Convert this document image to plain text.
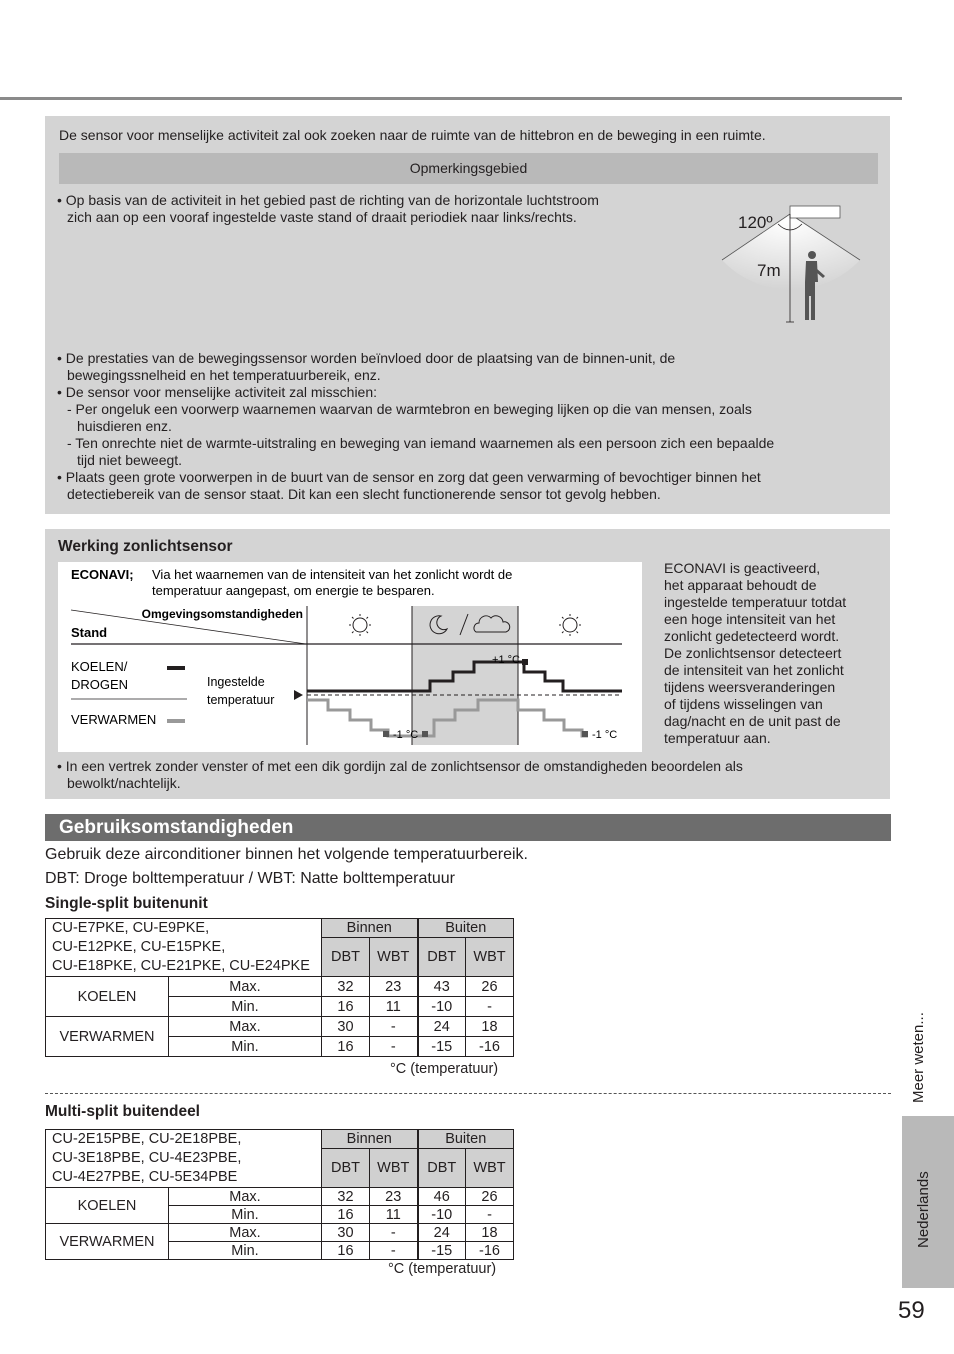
De sensor voor menselijke activiteit zal ook zoeken naar de ruimte van de hittebron en de beweging in een ruimte.
Opmerkingsgebied
• Op basis van de activiteit in het gebied past de richting van de horizontale luchtstroom
zich aan op een vooraf ingestelde vaste stand of draait periodiek naar links/rechts.
• De prestaties van de bewegingssensor worden beïnvloed door de plaatsing van de binnen-unit, de
bewegingssnelheid en het temperatuurbereik, enz.
• De sensor voor menselijke activiteit zal misschien:
- Per ongeluk een voorwerp waarnemen waarvan de warmtebron en beweging lijken op die van mensen, zoals
huisdieren enz.
- Ten onrechte niet de warmte-uitstraling en beweging van iemand waarnemen als een persoon zich een bepaalde
tijd niet beweegt.
• Plaats geen grote voorwerpen in de buurt van de sensor en zorg dat geen verwarming of bevochtiger binnen het
detectiebereik van de sensor staat. Dit kan een slecht functionerende sensor tot gevolg hebben.
120º
7m
Werking zonlichtsensor
ECONAVI; Via het waarnemen van de intensiteit van het zonlicht wordt de
temperatuur aangepast, om energie te besparen.
Omgevingsomstandigheden
Stand
KOELEN/
DROGEN
VERWARMEN
Ingestelde
temperatuur
+1 °C
-1 °C	-1 °C
ECONAVI is geactiveerd,
het apparaat behoudt de
ingestelde temperatuur totdat
een hoge intensiteit van het
zonlicht gedetecteerd wordt.
De zonlichtsensor detecteert
de intensiteit van het zonlicht
tijdens weersveranderingen
of tijdens wisselingen van
dag/nacht en de unit past de
temperatuur aan.
• In een vertrek zonder venster of met een dik gordijn zal de zonlichtsensor de omstandigheden beoordelen als
bewolkt/nachtelijk.
Gebruiksomstandigheden
Gebruik deze airconditioner binnen het volgende temperatuurbereik.
DBT: Droge bolttemperatuur / WBT: Natte bolttemperatuur
Single-split buitenunit
CU-E7PKE, CU-E9PKE,
CU-E12PKE, CU-E15PKE,
CU-E18PKE, CU-E21PKE, CU-E24PKE		Binnen		Buiten	
		DBT	WBT	DBT	WBT
KOELEN	Max.	32	23	43	26
	Min.	16	11	-10	-
VERWARMEN	Max.	30	-	24	18
	Min.	16	-	-15	-16
°C (temperatuur)
Multi-split buitendeel
CU-2E15PBE, CU-2E18PBE,
CU-3E18PBE, CU-4E23PBE,
CU-4E27PBE, CU-5E34PBE		Binnen		Buiten	
		DBT	WBT	DBT	WBT
KOELEN	Max.	32	23	46	26
	Min.	16	11	-10	-
VERWARMEN	Max.	30	-	24	18
	Min.	16	-	-15	-16
°C (temperatuur)
Meer weten...
Nederlands
59
